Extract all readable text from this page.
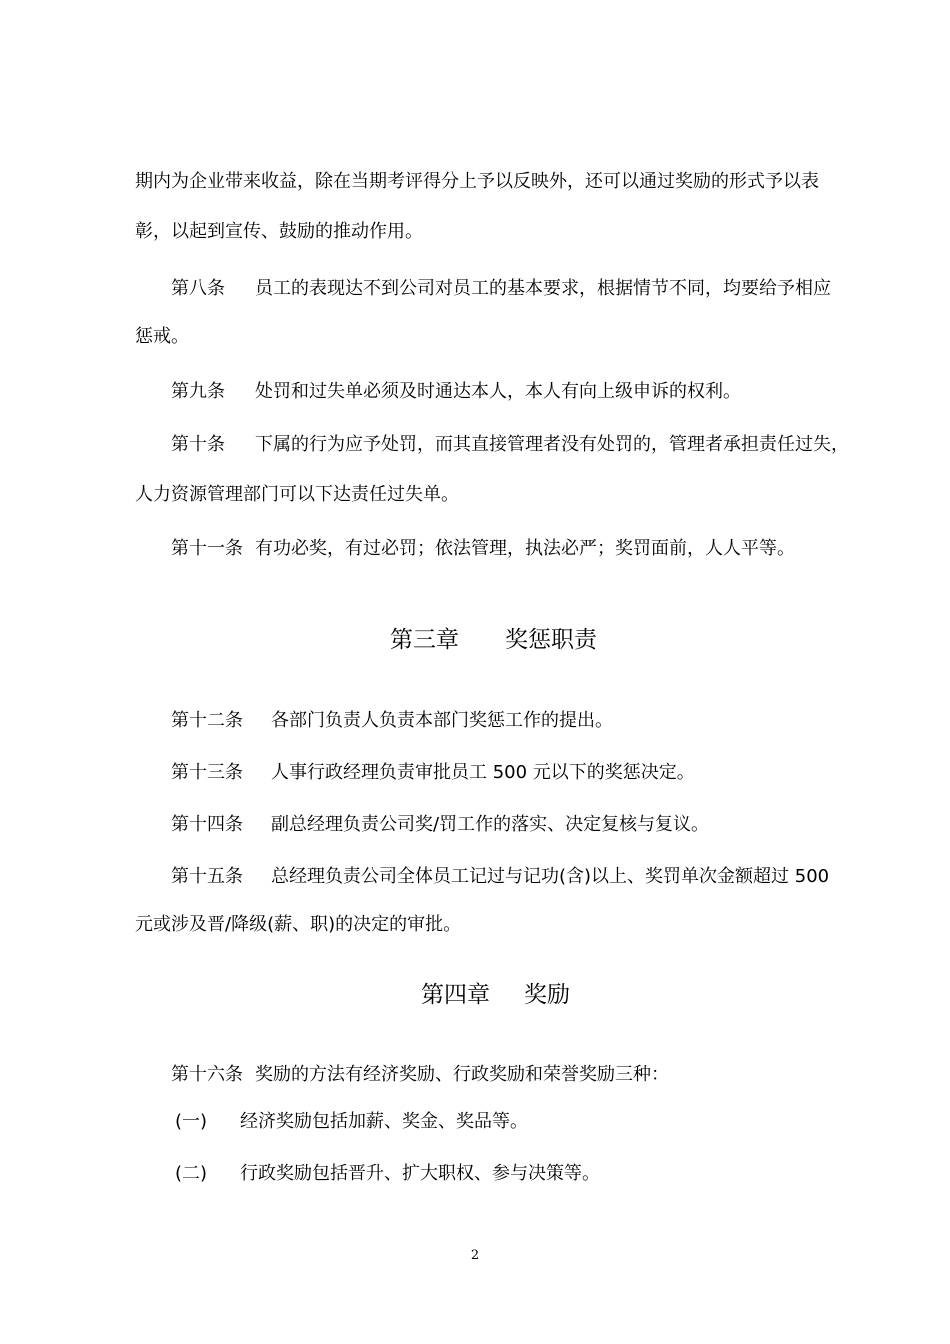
期内为企业带来收益，除在当期考评得分上予以反映外，还可以通过奖励的形式予以表
彰，以起到宣传、鼓励的推动作用。
第八条 员工的表现达不到公司对员工的基本要求，根据情节不同，均要给予相应
惩戒。
第九条 处罚和过失单必须及时通达本人，本人有向上级申诉的权利。
第十条 下属的行为应予处罚，而其直接管理者没有处罚的，管理者承担责任过失，
人力资源管理部门可以下达责任过失单。
第十一条 有功必奖，有过必罚；依法管理，执法必严；奖罚面前，人人平等。
第三章 奖惩职责
第十二条 各部门负责人负责本部门奖惩工作的提出。
第十三条 人事行政经理负责审批员工 500 元以下的奖惩决定。
第十四条 副总经理负责公司奖/罚工作的落实、决定复核与复议。
第十五条 总经理负责公司全体员工记过与记功(含)以上、奖罚单次金额超过 500
元或涉及晋/降级(薪、职)的决定的审批。
第四章 奖励
第十六条 奖励的方法有经济奖励、行政奖励和荣誉奖励三种：
(一) 经济奖励包括加薪、奖金、奖品等。
(二) 行政奖励包括晋升、扩大职权、参与决策等。
2
